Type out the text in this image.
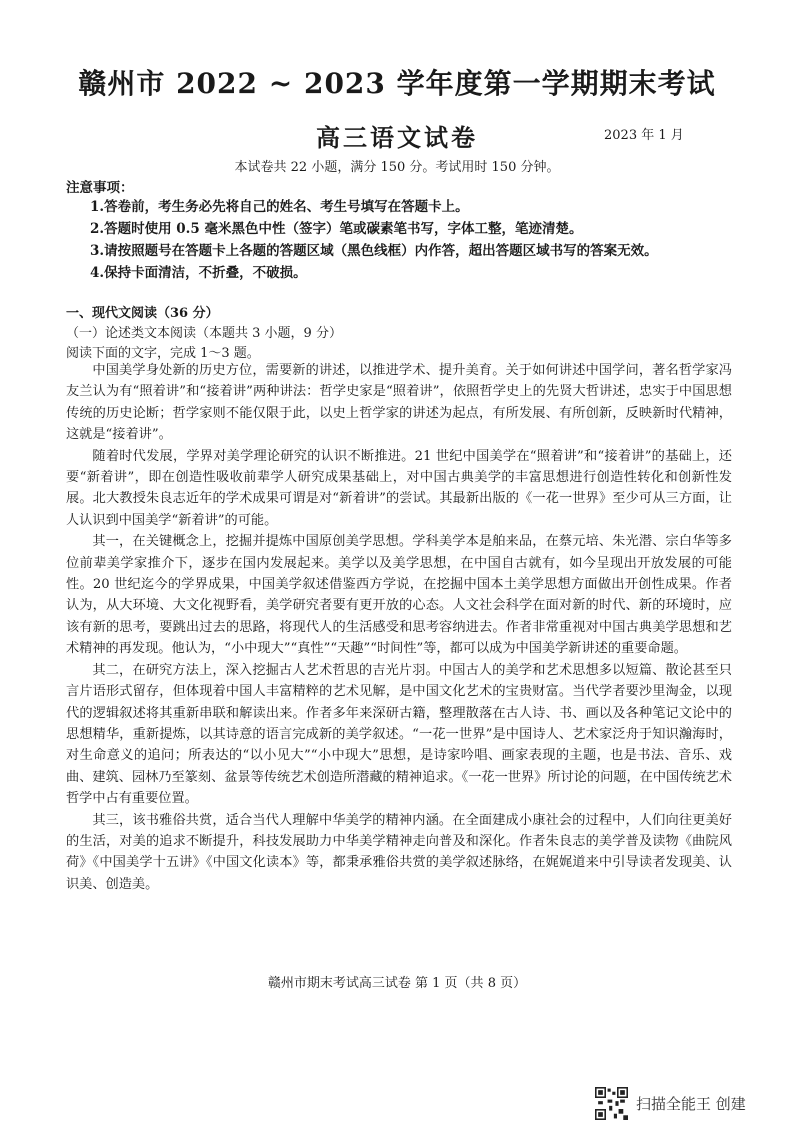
赣州市 2022 ~ 2023 学年度第一学期期末考试
高三语文试卷	2023 年 1 月
本试卷共 22 小题，满分 150 分。考试用时 150 分钟。
注意事项：
1.答卷前，考生务必先将自己的姓名、考生号填写在答题卡上。
2.答题时使用 0.5 毫米黑色中性（签字）笔或碳素笔书写，字体工整，笔迹清楚。
3.请按照题号在答题卡上各题的答题区域（黑色线框）内作答，超出答题区域书写的答案无效。
4.保持卡面清洁，不折叠，不破损。
一、现代文阅读（36 分）
（一）论述类文本阅读（本题共 3 小题，9 分）
阅读下面的文字，完成 1～3 题。

中国美学身处新的历史方位，需要新的讲述，以推进学术、提升美育。关于如何讲述中国学问，著名哲学家冯友兰认为有“照着讲”和“接着讲”两种讲法：哲学史家是“照着讲”，依照哲学史上的先贤大哲讲述，忠实于中国思想传统的历史论断；哲学家则不能仅限于此，以史上哲学家的讲述为起点，有所发展、有所创新，反映新时代精神，这就是“接着讲”。

随着时代发展，学界对美学理论研究的认识不断推进。21 世纪中国美学在“照着讲”和“接着讲”的基础上，还要“新着讲”，即在创造性吸收前辈学人研究成果基础上，对中国古典美学的丰富思想进行创造性转化和创新性发展。北大教授朱良志近年的学术成果可谓是对“新着讲”的尝试。其最新出版的《一花一世界》至少可从三方面，让人认识到中国美学“新着讲”的可能。

其一，在关键概念上，挖掘并提炼中国原创美学思想。学科美学本是舶来品，在蔡元培、朱光潜、宗白华等多位前辈美学家推介下，逐步在国内发展起来。美学以及美学思想，在中国自古就有，如今呈现出开放发展的可能性。20 世纪迄今的学界成果，中国美学叙述借鉴西方学说，在挖掘中国本土美学思想方面做出开创性成果。作者认为，从大环境、大文化视野看，美学研究者要有更开放的心态。人文社会科学在面对新的时代、新的环境时，应该有新的思考，要跳出过去的思路，将现代人的生活感受和思考容纳进去。作者非常重视对中国古典美学思想和艺术精神的再发现。他认为，“小中现大”“真性”“天趣”“时间性”等，都可以成为中国美学新讲述的重要命题。

其二，在研究方法上，深入挖掘古人艺术哲思的吉光片羽。中国古人的美学和艺术思想多以短篇、散论甚至只言片语形式留存，但体现着中国人丰富精粹的艺术见解，是中国文化艺术的宝贵财富。当代学者要沙里淘金，以现代的逻辑叙述将其重新串联和解读出来。作者多年来深研古籍，整理散落在古人诗、书、画以及各种笔记文论中的思想精华，重新提炼，以其诗意的语言完成新的美学叙述。“一花一世界”是中国诗人、艺术家泛舟于知识瀚海时，对生命意义的追问；所表达的“以小见大”“小中现大”思想，是诗家吟唱、画家表现的主题，也是书法、音乐、戏曲、建筑、园林乃至篆刻、盆景等传统艺术创造所潜藏的精神追求。《一花一世界》所讨论的问题，在中国传统艺术哲学中占有重要位置。

其三，该书雅俗共赏，适合当代人理解中华美学的精神内涵。在全面建成小康社会的过程中，人们向往更美好的生活，对美的追求不断提升，科技发展助力中华美学精神走向普及和深化。作者朱良志的美学普及读物《曲院风荷》《中国美学十五讲》《中国文化读本》等，都秉承雅俗共赏的美学叙述脉络，在娓娓道来中引导读者发现美、认识美、创造美。

赣州市期末考试高三试卷 第 1 页（共 8 页）
扫描全能王 创建
